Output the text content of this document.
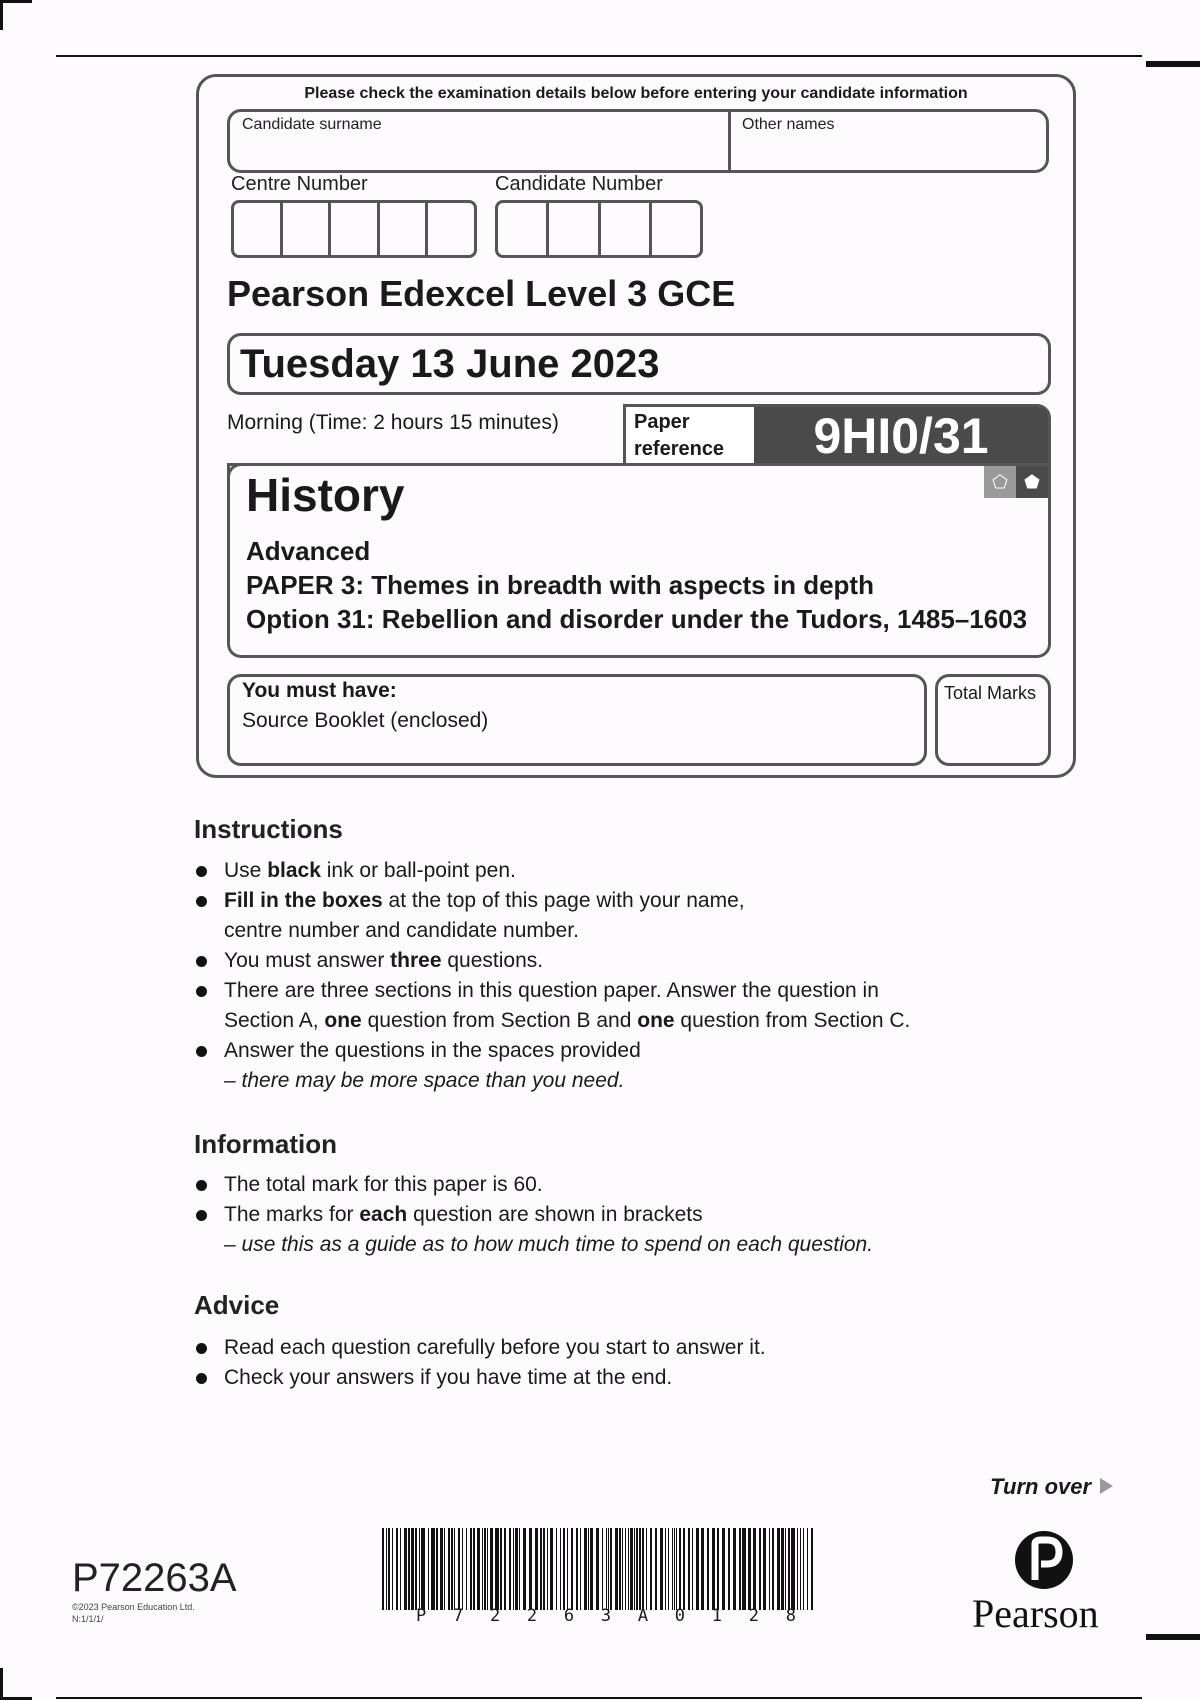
Please check the examination details below before entering your candidate information
Candidate surname	Other names
Centre Number	Candidate Number
Pearson Edexcel Level 3 GCE
Tuesday 13 June 2023
Morning (Time: 2 hours 15 minutes)	Paper reference	9HI0/31
⬠ ⬟
History
Advanced
PAPER 3: Themes in breadth with aspects in depth
Option 31: Rebellion and disorder under the Tudors, 1485–1603
You must have:
Source Booklet (enclosed)
Total Marks
Instructions
Use black ink or ball-point pen.
Fill in the boxes at the top of this page with your name,
centre number and candidate number.
You must answer three questions.
There are three sections in this question paper. Answer the question in
Section A, one question from Section B and one question from Section C.
Answer the questions in the spaces provided
– there may be more space than you need.
Information
The total mark for this paper is 60.
The marks for each question are shown in brackets
– use this as a guide as to how much time to spend on each question.
Advice
Read each question carefully before you start to answer it.
Check your answers if you have time at the end.
Turn over
P72263A
©2023 Pearson Education Ltd.
N:1/1/1/	P 7 2 2 6 3 A 0 1 2 8	Pearson
